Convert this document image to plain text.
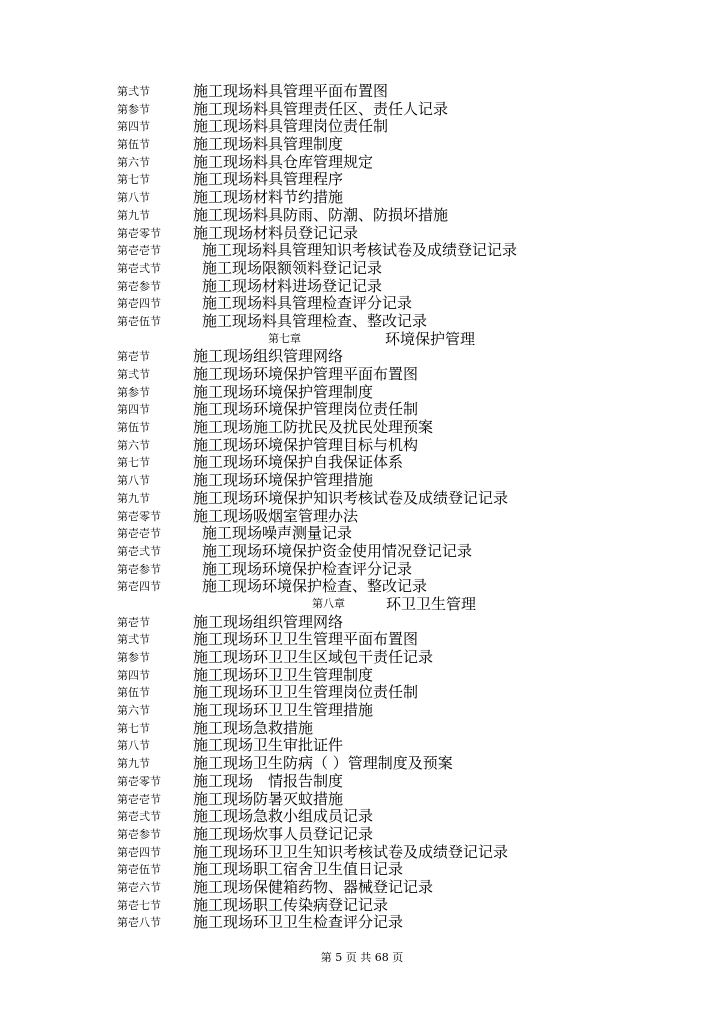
第弍节	施工现场料具管理平面布置图
第参节	施工现场料具管理责任区、责任人记录
第四节	施工现场料具管理岗位责任制
第伍节	施工现场料具管理制度
第六节	施工现场料具仓库管理规定
第七节	施工现场料具管理程序
第八节	施工现场材料节约措施
第九节	施工现场料具防雨、防潮、防损坏措施
第壱零节 施工现场材料员登记记录
第壱壱节	施工现场料具管理知识考核试卷及成绩登记记录
第壱弍节	施工现场限额领料登记记录
第壱参节	施工现场材料进场登记记录
第壱四节	施工现场料具管理检查评分记录
第壱伍节	施工现场料具管理检查、整改记录
第七章	环境保护管理
第壱节	施工现场组织管理网络
第弍节	施工现场环境保护管理平面布置图
第参节	施工现场环境保护管理制度
第四节	施工现场环境保护管理岗位责任制
第伍节	施工现场施工防扰民及扰民处理预案
第六节	施工现场环境保护管理目标与机构
第七节	施工现场环境保护自我保证体系
第八节	施工现场环境保护管理措施
第九节	施工现场环境保护知识考核试卷及成绩登记记录
第壱零节 施工现场吸烟室管理办法
第壱壱节	施工现场噪声测量记录
第壱弍节	施工现场环境保护资金使用情况登记记录
第壱参节	施工现场环境保护检查评分记录
第壱四节	施工现场环境保护检查、整改记录
第八章	环卫卫生管理
第壱节	施工现场组织管理网络
第弍节	施工现场环卫卫生管理平面布置图
第参节	施工现场环卫卫生区域包干责任记录
第四节	施工现场环卫卫生管理制度
第伍节	施工现场环卫卫生管理岗位责任制
第六节	施工现场环卫卫生管理措施
第七节	施工现场急救措施
第八节	施工现场卫生审批证件
第九节	施工现场卫生防病（ ）管理制度及预案
第壱零节 施工现场　情报告制度
第壱壱节 施工现场防暑灭蚊措施
第壱弍节 施工现场急救小组成员记录
第壱参节 施工现场炊事人员登记记录
第壱四节 施工现场环卫卫生知识考核试卷及成绩登记记录
第壱伍节 施工现场职工宿舍卫生值日记录
第壱六节 施工现场保健箱药物、器械登记记录
第壱七节 施工现场职工传染病登记记录
第壱八节 施工现场环卫卫生检查评分记录
第 5 页 共 68 页
